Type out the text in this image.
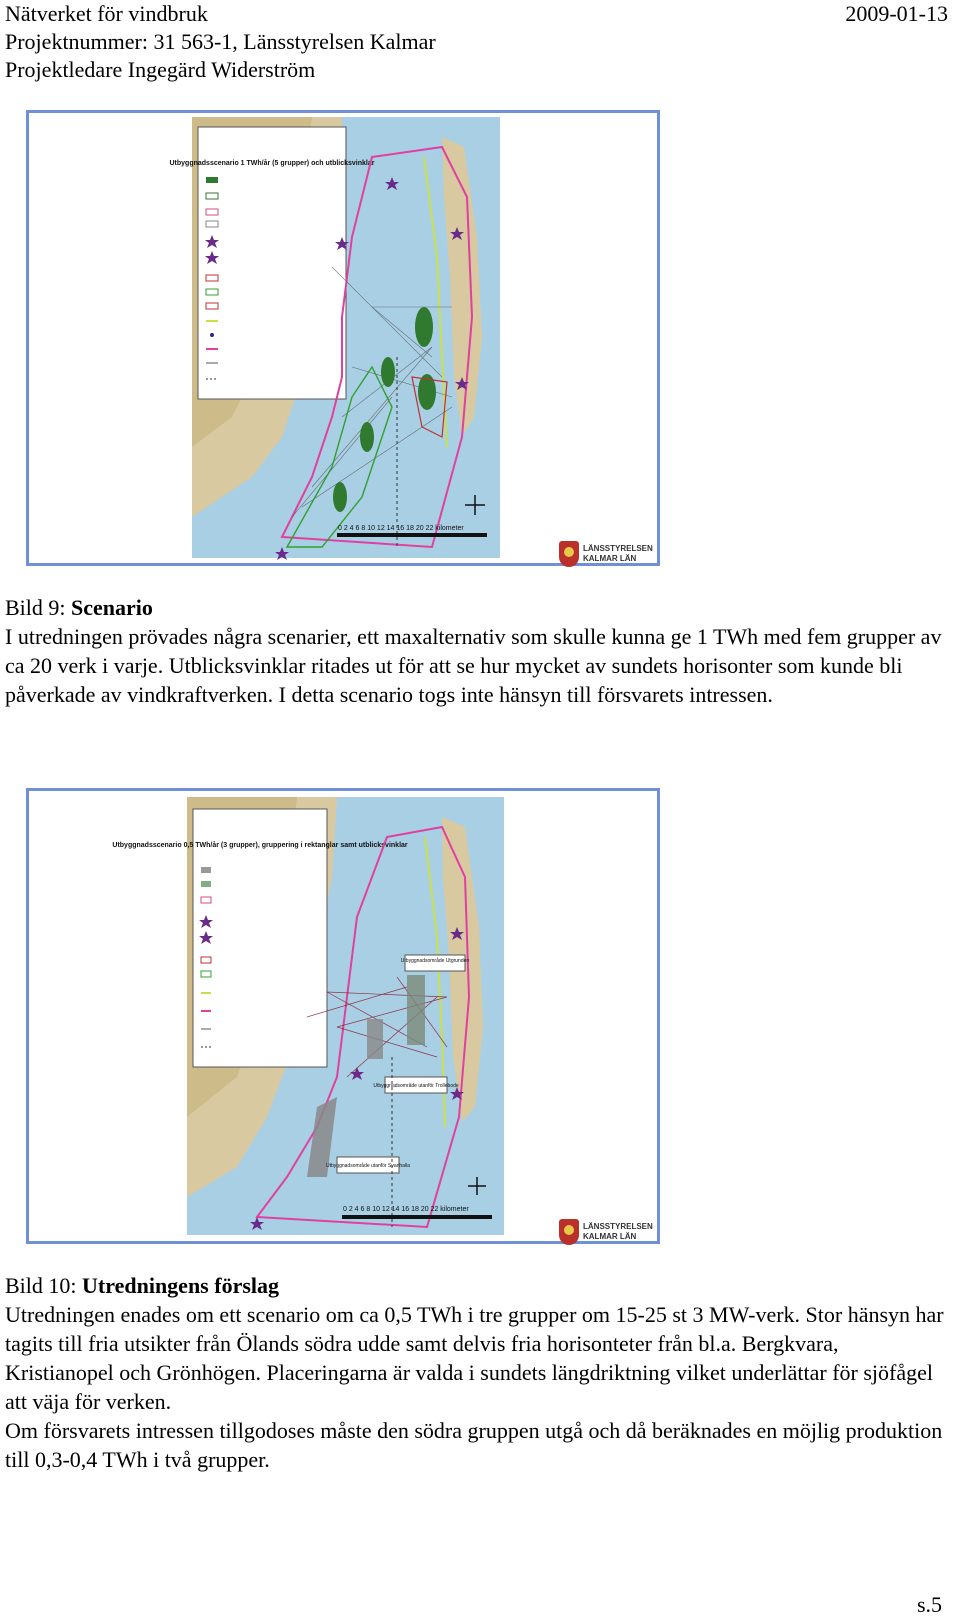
Nätverket för vindbruk
Projektnummer: 31 563-1, Länsstyrelsen Kalmar
Projektledare Ingegärd Widerström
2009-01-13
Utbyggnadsscenario 1 TWh/år (5 grupper) och utblicksvinklar
0 2 4 6 8 10 12 14 16 18 20 22 kilometer
LÄNSSTYRELSEN KALMAR LÄN

Bild 9: Scenario

I utredningen prövades några scenarier, ett maxalternativ som skulle kunna ge 1 TWh med fem grupper av ca 20 verk i varje. Utblicksvinklar ritades ut för att se hur mycket av sundets horisonter som kunde bli påverkade av vindkraftverken. I detta scenario togs inte hänsyn till försvarets intressen.

Utbyggnadsscenario 0,5 TWh/år (3 grupper), gruppering i rektanglar samt utblicksvinklar
Utbyggnadsområde Utgrunden
Utbyggnadsområde utanför Trollebode
Utbyggnadsområde utanför Svanhalla
0 2 4 6 8 10 12 14 16 18 20 22 kilometer
LÄNSSTYRELSEN KALMAR LÄN

Bild 10: Utredningens förslag

Utredningen enades om ett scenario om ca 0,5 TWh i tre grupper om 15-25 st 3 MW-verk. Stor hänsyn har tagits till fria utsikter från Ölands södra udde samt delvis fria horisonteter från bl.a. Bergkvara, Kristianopel och Grönhögen. Placeringarna är valda i sundets längdriktning vilket underlättar för sjöfågel att väja för verken.

Om försvarets intressen tillgodoses måste den södra gruppen utgå och då beräknades en möjlig produktion till 0,3-0,4 TWh i två grupper.

s.5
